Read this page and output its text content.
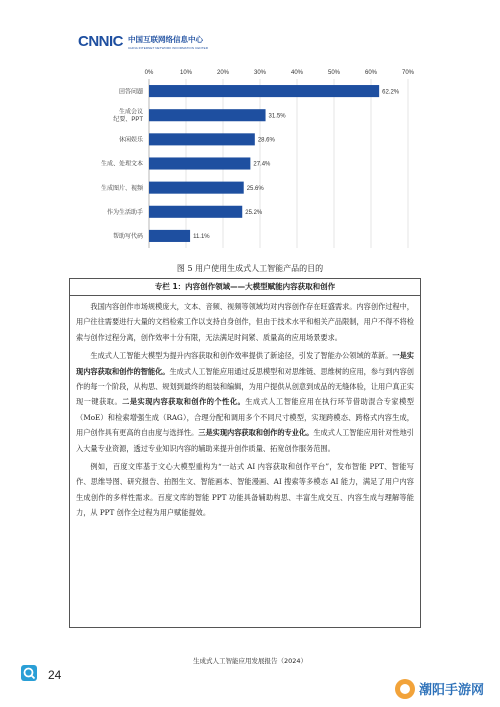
CNNIC 中国互联网络信息中心
CHINA INTERNET NETWORK INFORMATION CENTER
0%	10%	20%	30%	40%	50%	60%	70%
回答问题
生成会议
纪要、PPT
休闲娱乐
生成、处理文本
生成图片、视频
作为生活助手
帮助写代码
62.2%
31.5%
28.6%
27.4%
25.6%
25.2%
11.1%
图 5 用户使用生成式人工智能产品的目的
专栏 1：内容创作领域——大模型赋能内容获取和创作

我国内容创作市场规模庞大，文本、音频、视频等领域均对内容创作存在旺盛需求。内容创作过程中，用户往往需要进行大量的文档检索工作以支持自身创作，但由于技术水平和相关产品限制，用户不得不将检索与创作过程分离，创作效率十分有限，无法满足时间紧、质量高的应用场景要求。

生成式人工智能大模型为提升内容获取和创作效率提供了新途径，引发了智能办公领域的革新。一是实现内容获取和创作的智能化。生成式人工智能应用通过反思模型和对思维链、思维树的应用，参与到内容创作的每一个阶段，从构思、规划到最终的组装和编辑，为用户提供从创意到成品的无缝体验，让用户真正实现一键获取。二是实现内容获取和创作的个性化。生成式人工智能应用在执行环节借助混合专家模型（MoE）和检索增强生成（RAG），合理分配和调用多个不同尺寸模型，实现跨模态、跨格式内容生成，用户创作具有更高的自由度与选择性。三是实现内容获取和创作的专业化。生成式人工智能应用针对性地引入大量专业资源，透过专业知识内容的辅助来提升创作质量、拓宽创作服务范围。

例如，百度文库基于文心大模型重构为“一站式 AI 内容获取和创作平台”，发布智能 PPT、智能写作、思维导图、研究报告、拍图生文、智能画本、智能漫画、AI 搜索等多模态 AI 能力，满足了用户内容生成创作的多样性需求。百度文库的智能 PPT 功能具备辅助构思、丰富生成交互、内容生成与理解等能力，从 PPT 创作全过程为用户赋能提效。

24
生成式人工智能应用发展报告（2024）
潮阳手游网
